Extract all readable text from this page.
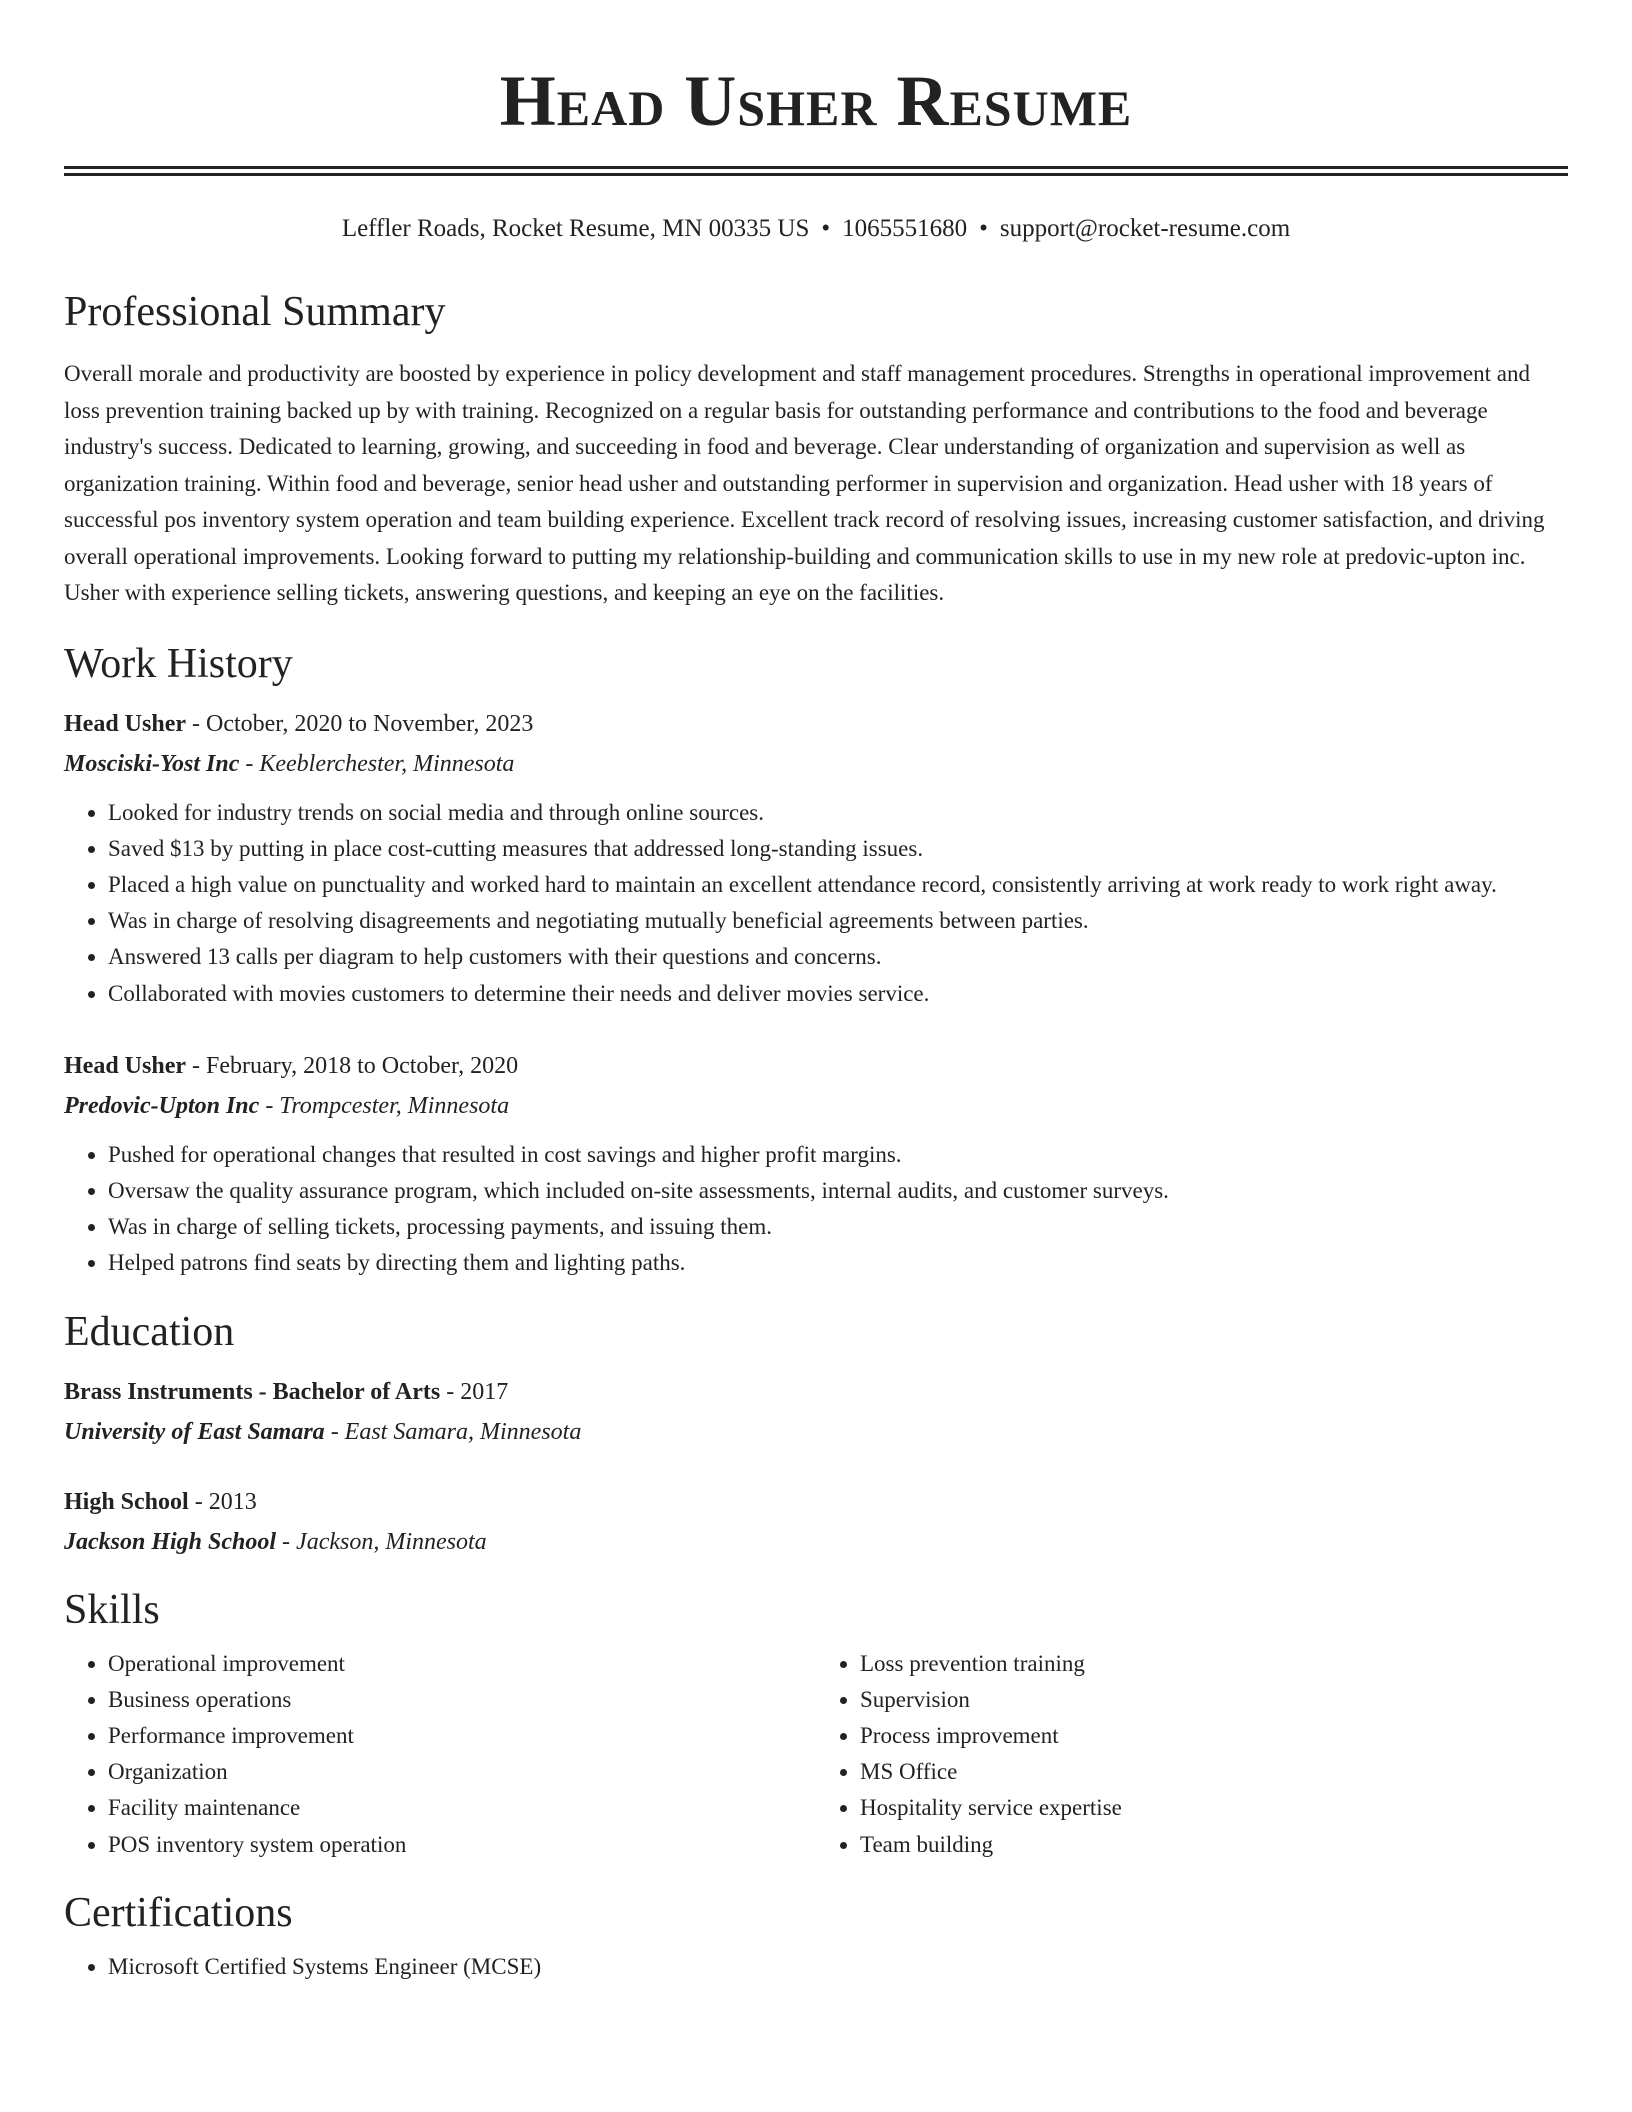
Head Usher Resume
Leffler Roads, Rocket Resume, MN 00335 US • 1065551680 • support@rocket-resume.com
Professional Summary

Overall morale and productivity are boosted by experience in policy development and staff management procedures. Strengths in operational improvement and loss prevention training backed up by with training. Recognized on a regular basis for outstanding performance and contributions to the food and beverage industry's success. Dedicated to learning, growing, and succeeding in food and beverage. Clear understanding of organization and supervision as well as organization training. Within food and beverage, senior head usher and outstanding performer in supervision and organization. Head usher with 18 years of successful pos inventory system operation and team building experience. Excellent track record of resolving issues, increasing customer satisfaction, and driving overall operational improvements. Looking forward to putting my relationship-building and communication skills to use in my new role at predovic-upton inc. Usher with experience selling tickets, answering questions, and keeping an eye on the facilities.

Work History

Head Usher - October, 2020 to November, 2023

Mosciski-Yost Inc - Keeblerchester, Minnesota

• Looked for industry trends on social media and through online sources.
• Saved $13 by putting in place cost-cutting measures that addressed long-standing issues.
• Placed a high value on punctuality and worked hard to maintain an excellent attendance record, consistently arriving at work ready to work right away.
• Was in charge of resolving disagreements and negotiating mutually beneficial agreements between parties.
• Answered 13 calls per diagram to help customers with their questions and concerns.
• Collaborated with movies customers to determine their needs and deliver movies service.

Head Usher - February, 2018 to October, 2020

Predovic-Upton Inc - Trompcester, Minnesota

• Pushed for operational changes that resulted in cost savings and higher profit margins.
• Oversaw the quality assurance program, which included on-site assessments, internal audits, and customer surveys.
• Was in charge of selling tickets, processing payments, and issuing them.
• Helped patrons find seats by directing them and lighting paths.
Education

Brass Instruments - Bachelor of Arts - 2017

University of East Samara - East Samara, Minnesota

High School - 2013

Jackson High School - Jackson, Minnesota

Skills
• Operational improvement
• Business operations
• Performance improvement
• Organization
• Facility maintenance
• POS inventory system operation
• Loss prevention training
• Supervision
• Process improvement
• MS Office
• Hospitality service expertise
• Team building
Certifications
• Microsoft Certified Systems Engineer (MCSE)
